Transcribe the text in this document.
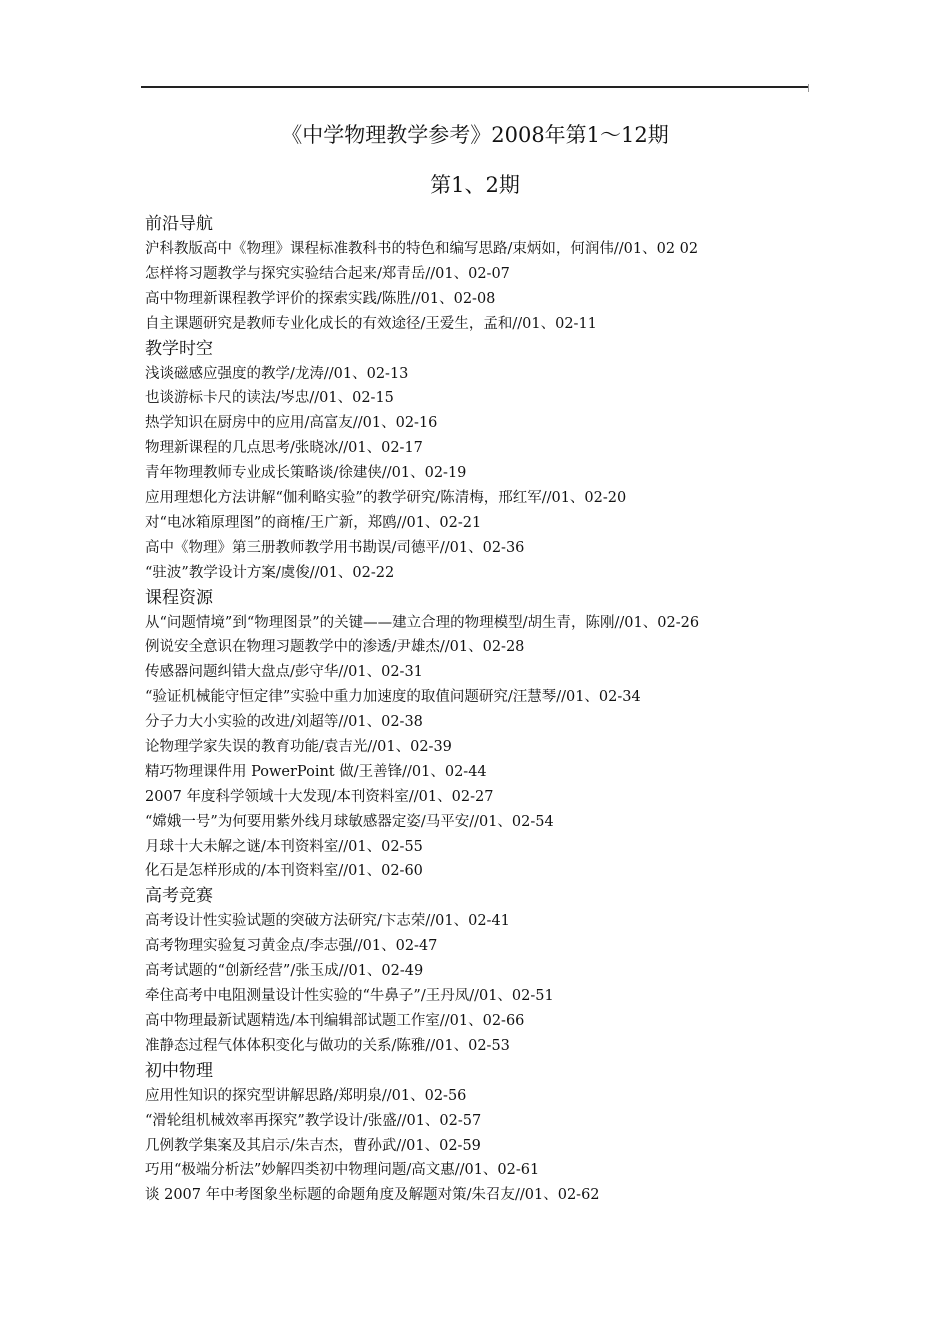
《中学物理教学参考》2008年第1～12期
第1、2期
前沿导航
沪科教版高中《物理》课程标准教科书的特色和编写思路/束炳如，何润伟//01、02 02
怎样将习题教学与探究实验结合起来/郑青岳//01、02-07
高中物理新课程教学评价的探索实践/陈胜//01、02-08
自主课题研究是教师专业化成长的有效途径/王爱生，孟和//01、02-11
教学时空
浅谈磁感应强度的教学/龙涛//01、02-13
也谈游标卡尺的读法/岑忠//01、02-15
热学知识在厨房中的应用/高富友//01、02-16
物理新课程的几点思考/张晓冰//01、02-17
青年物理教师专业成长策略谈/徐建侠//01、02-19
应用理想化方法讲解“伽利略实验”的教学研究/陈清梅，邢红军//01、02-20
对“电冰箱原理图”的商榷/王广新，郑鸥//01、02-21
高中《物理》第三册教师教学用书勘误/司德平//01、02-36
“驻波”教学设计方案/虞俊//01、02-22
课程资源
从“问题情境”到“物理图景”的关键——建立合理的物理模型/胡生青，陈刚//01、02-26
例说安全意识在物理习题教学中的渗透/尹雄杰//01、02-28
传感器问题纠错大盘点/彭守华//01、02-31
“验证机械能守恒定律”实验中重力加速度的取值问题研究/汪慧琴//01、02-34
分子力大小实验的改进/刘超等//01、02-38
论物理学家失误的教育功能/袁吉光//01、02-39
精巧物理课件用 PowerPoint 做/王善锋//01、02-44
2007 年度科学领域十大发现/本刊资料室//01、02-27
“嫦娥一号”为何要用紫外线月球敏感器定姿/马平安//01、02-54
月球十大未解之谜/本刊资料室//01、02-55
化石是怎样形成的/本刊资料室//01、02-60
高考竞赛
高考设计性实验试题的突破方法研究/卞志荣//01、02-41
高考物理实验复习黄金点/李志强//01、02-47
高考试题的“创新经营”/张玉成//01、02-49
牵住高考中电阻测量设计性实验的“牛鼻子”/王丹凤//01、02-51
高中物理最新试题精选/本刊编辑部试题工作室//01、02-66
准静态过程气体体积变化与做功的关系/陈雅//01、02-53
初中物理
应用性知识的探究型讲解思路/郑明泉//01、02-56
“滑轮组机械效率再探究”教学设计/张盛//01、02-57
几例教学集案及其启示/朱吉杰，曹孙武//01、02-59
巧用“极端分析法”妙解四类初中物理问题/高文惠//01、02-61
谈 2007 年中考图象坐标题的命题角度及解题对策/朱召友//01、02-62
